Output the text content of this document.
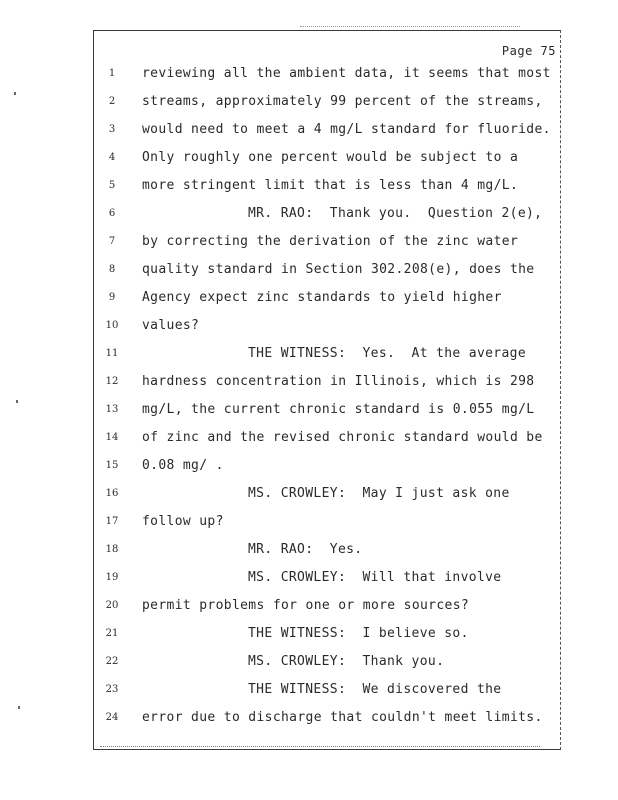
Page 75
1	reviewing all the ambient data, it seems that most
2	streams, approximately 99 percent of the streams,
3	would need to meet a 4 mg/L standard for fluoride.
4	Only roughly one percent would be subject to a
5	more stringent limit that is less than 4 mg/L.
6	MR. RAO:  Thank you.  Question 2(e),
7	by correcting the derivation of the zinc water
8	quality standard in Section 302.208(e), does the
9	Agency expect zinc standards to yield higher
10	values?
11	THE WITNESS:  Yes.  At the average
12	hardness concentration in Illinois, which is 298
13	mg/L, the current chronic standard is 0.055 mg/L
14	of zinc and the revised chronic standard would be
15	0.08 mg/ .
16	MS. CROWLEY:  May I just ask one
17	follow up?
18	MR. RAO:  Yes.
19	MS. CROWLEY:  Will that involve
20	permit problems for one or more sources?
21	THE WITNESS:  I believe so.
22	MS. CROWLEY:  Thank you.
23	THE WITNESS:  We discovered the
24	error due to discharge that couldn't meet limits.
